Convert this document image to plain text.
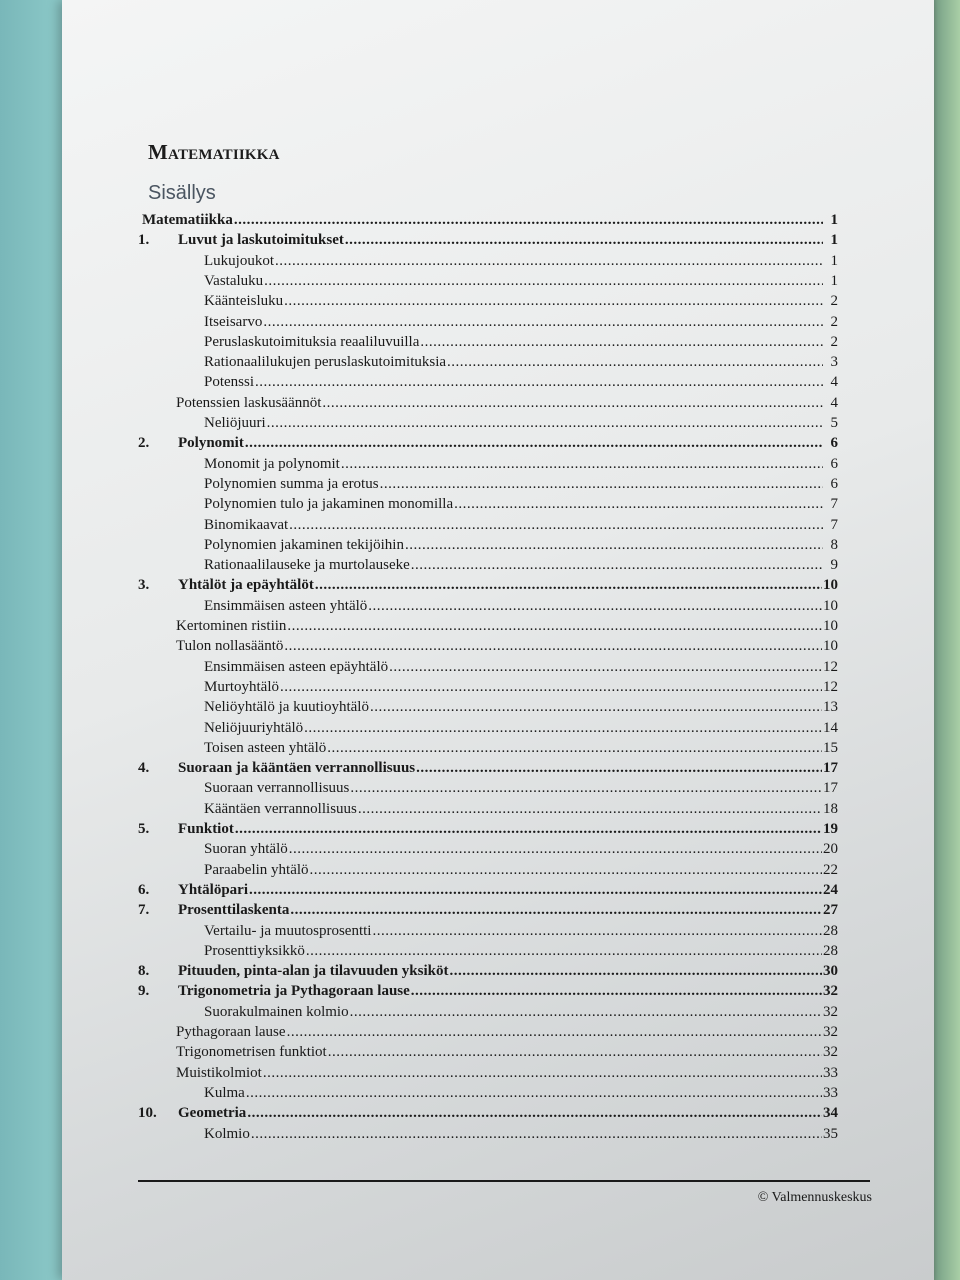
Matematiikka
Sisällys
Matematiikka .....	1
1.	Luvut ja laskutoimitukset .....	1
Lukujoukot .....	1
Vastaluku .....	1
Käänteisluku .....	2
Itseisarvo .....	2
Peruslaskutoimituksia reaaliluvuilla .....	2
Rationaalilukujen peruslaskutoimituksia .....	3
Potenssi .....	4
Potenssien laskusäännöt .....	4
Neliöjuuri .....	5
2.	Polynomit .....	6
Monomit ja polynomit .....	6
Polynomien summa ja erotus .....	6
Polynomien tulo ja jakaminen monomilla .....	7
Binomikaavat .....	7
Polynomien jakaminen tekijöihin .....	8
Rationaalilauseke ja murtolauseke .....	9
3.	Yhtälöt ja epäyhtälöt .....	10
Ensimmäisen asteen yhtälö .....	10
Kertominen ristiin .....	10
Tulon nollasääntö .....	10
Ensimmäisen asteen epäyhtälö .....	12
Murtoyhtälö .....	12
Neliöyhtälö ja kuutioyhtälö .....	13
Neliöjuuriyhtälö .....	14
Toisen asteen yhtälö .....	15
4.	Suoraan ja kääntäen verrannollisuus .....	17
Suoraan verrannollisuus .....	17
Kääntäen verrannollisuus .....	18
5.	Funktiot .....	19
Suoran yhtälö .....	20
Paraabelin yhtälö .....	22
6.	Yhtälöpari .....	24
7.	Prosenttilaskenta .....	27
Vertailu- ja muutosprosentti .....	28
Prosenttiyksikkö .....	28
8.	Pituuden, pinta-alan ja tilavuuden yksiköt .....	30
9.	Trigonometria ja Pythagoraan lause .....	32
Suorakulmainen kolmio .....	32
Pythagoraan lause .....	32
Trigonometrisen funktiot .....	32
Muistikolmiot .....	33
Kulma .....	33
10.	Geometria .....	34
Kolmio .....	35

© Valmennuskeskus
